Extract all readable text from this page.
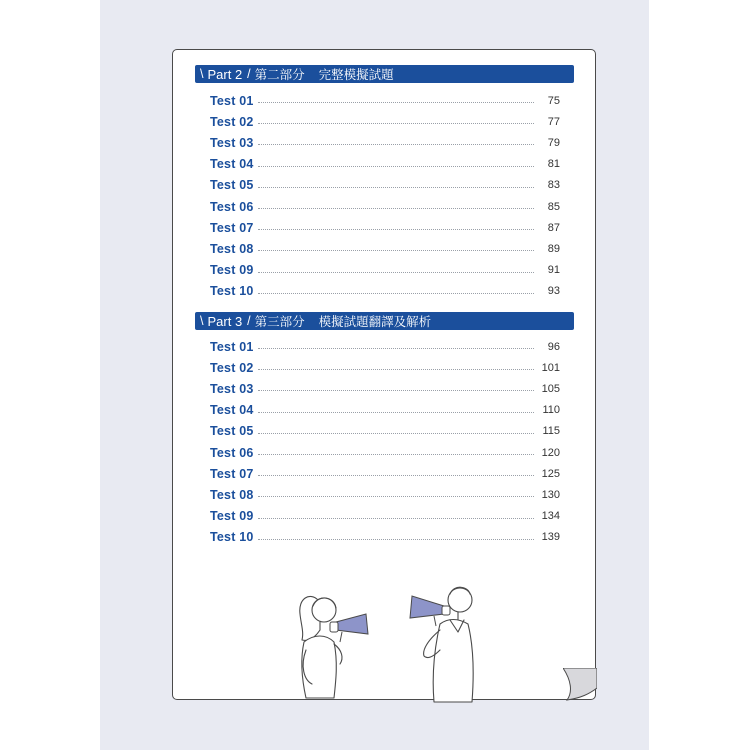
\ Part 2 / 第二部分 完整模擬試題
Test 01	75
Test 02	77
Test 03	79
Test 04	81
Test 05	83
Test 06	85
Test 07	87
Test 08	89
Test 09	91
Test 10	93
\ Part 3 / 第三部分 模擬試題翻譯及解析
Test 01	96
Test 02	101
Test 03	105
Test 04	110
Test 05	115
Test 06	120
Test 07	125
Test 08	130
Test 09	134
Test 10	139
